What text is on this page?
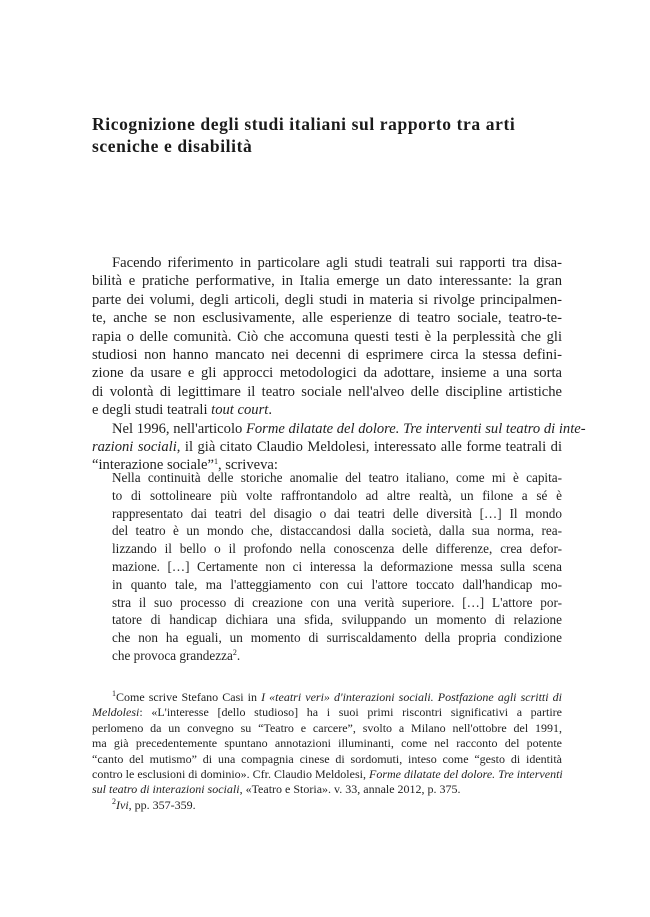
Ricognizione degli studi italiani sul rapporto tra arti sceniche e disabilità

Facendo riferimento in particolare agli studi teatrali sui rapporti tra disa-
bilità e pratiche performative, in Italia emerge un dato interessante: la gran
parte dei volumi, degli articoli, degli studi in materia si rivolge principalmen-
te, anche se non esclusivamente, alle esperienze di teatro sociale, teatro-te-
rapia o delle comunità. Ciò che accomuna questi testi è la perplessità che gli
studiosi non hanno mancato nei decenni di esprimere circa la stessa defini-
zione da usare e gli approcci metodologici da adottare, insieme a una sorta
di volontà di legittimare il teatro sociale nell'alveo delle discipline artistiche
e degli studi teatrali tout court.

Nel 1996, nell'articolo Forme dilatate del dolore. Tre interventi sul teatro di inte-
razioni sociali, il già citato Claudio Meldolesi, interessato alle forme teatrali di
“interazione sociale”$^1$, scriveva:

Nella continuità delle storiche anomalie del teatro italiano, come mi è capita-
to di sottolineare più volte raffrontandolo ad altre realtà, un filone a sé è
rappresentato dai teatri del disagio o dai teatri delle diversità […] Il mondo
del teatro è un mondo che, distaccandosi dalla società, dalla sua norma, rea-
lizzando il bello o il profondo nella conoscenza delle differenze, crea defor-
mazione. […] Certamente non ci interessa la deformazione messa sulla scena
in quanto tale, ma l'atteggiamento con cui l'attore toccato dall'handicap mo-
stra il suo processo di creazione con una verità superiore. […] L'attore por-
tatore di handicap dichiara una sfida, sviluppando un momento di relazione
che non ha eguali, un momento di surriscaldamento della propria condizione
che provoca grandezza$^2$.
$^1$Come scrive Stefano Casi in I «teatri veri» d'interazioni sociali. Postfazione agli scritti di
Meldolesi: «L'interesse [dello studioso] ha i suoi primi riscontri significativi a partire
perlomeno da un convegno su “Teatro e carcere”, svolto a Milano nell'ottobre del 1991,
ma già precedentemente spuntano annotazioni illuminanti, come nel racconto del potente
“canto del mutismo” di una compagnia cinese di sordomuti, inteso come “gesto di identità
contro le esclusioni di dominio». Cfr. Claudio Meldolesi, Forme dilatate del dolore. Tre interventi
sul teatro di interazioni sociali, «Teatro e Storia». v. 33, annale 2012, p. 375.
$^2$Ivi, pp. 357-359.
